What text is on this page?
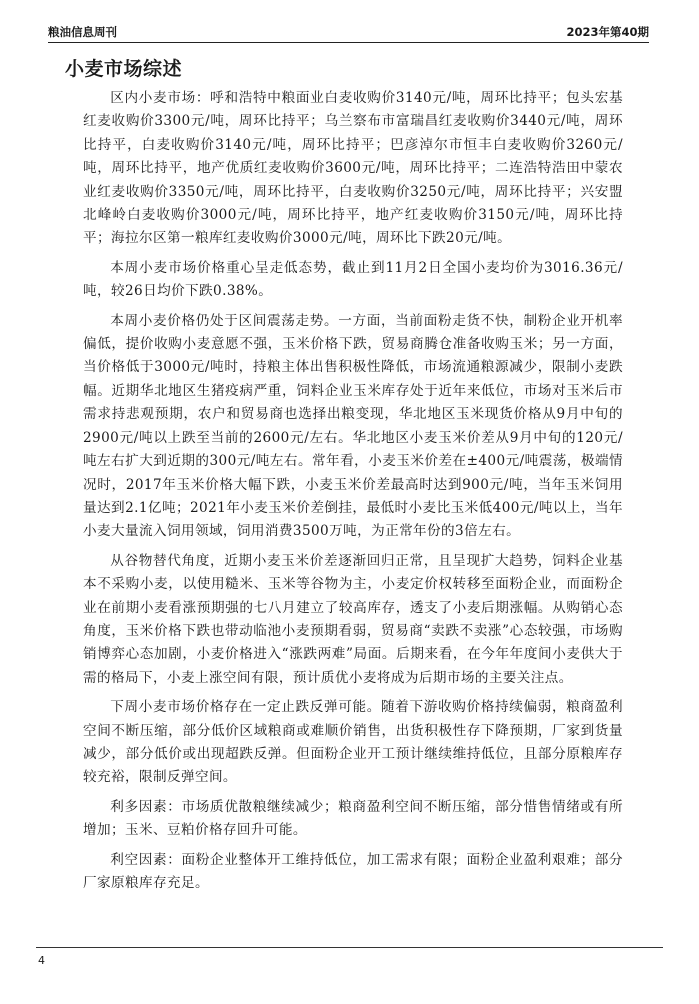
粮油信息周刊	2023年第40期
小麦市场综述

区内小麦市场：呼和浩特中粮面业白麦收购价3140元/吨，周环比持平；包头宏基红麦收购价3300元/吨，周环比持平；乌兰察布市富瑞昌红麦收购价3440元/吨，周环比持平，白麦收购价3140元/吨，周环比持平；巴彦淖尔市恒丰白麦收购价3260元/吨，周环比持平，地产优质红麦收购价3600元/吨，周环比持平；二连浩特浩田中蒙农业红麦收购价3350元/吨，周环比持平，白麦收购价3250元/吨，周环比持平；兴安盟北峰岭白麦收购价3000元/吨，周环比持平，地产红麦收购价3150元/吨，周环比持平；海拉尔区第一粮库红麦收购价3000元/吨，周环比下跌20元/吨。

本周小麦市场价格重心呈走低态势，截止到11月2日全国小麦均价为3016.36元/吨，较26日均价下跌0.38%。

本周小麦价格仍处于区间震荡走势。一方面，当前面粉走货不快，制粉企业开机率偏低，提价收购小麦意愿不强，玉米价格下跌，贸易商腾仓准备收购玉米；另一方面，当价格低于3000元/吨时，持粮主体出售积极性降低，市场流通粮源减少，限制小麦跌幅。近期华北地区生猪疫病严重，饲料企业玉米库存处于近年来低位，市场对玉米后市需求持悲观预期，农户和贸易商也选择出粮变现，华北地区玉米现货价格从9月中旬的2900元/吨以上跌至当前的2600元/左右。华北地区小麦玉米价差从9月中旬的120元/吨左右扩大到近期的300元/吨左右。常年看，小麦玉米价差在±400元/吨震荡，极端情况时，2017年玉米价格大幅下跌，小麦玉米价差最高时达到900元/吨，当年玉米饲用量达到2.1亿吨；2021年小麦玉米价差倒挂，最低时小麦比玉米低400元/吨以上，当年小麦大量流入饲用领域，饲用消费3500万吨，为正常年份的3倍左右。

从谷物替代角度，近期小麦玉米价差逐渐回归正常，且呈现扩大趋势，饲料企业基本不采购小麦，以使用糙米、玉米等谷物为主，小麦定价权转移至面粉企业，而面粉企业在前期小麦看涨预期强的七八月建立了较高库存，透支了小麦后期涨幅。从购销心态角度，玉米价格下跌也带动临池小麦预期看弱，贸易商“卖跌不卖涨”心态较强，市场购销博弈心态加剧，小麦价格进入“涨跌两难”局面。后期来看，在今年年度间小麦供大于需的格局下，小麦上涨空间有限，预计质优小麦将成为后期市场的主要关注点。

下周小麦市场价格存在一定止跌反弹可能。随着下游收购价格持续偏弱，粮商盈利空间不断压缩，部分低价区域粮商或难顺价销售，出货积极性存下降预期，厂家到货量减少，部分低价或出现超跌反弹。但面粉企业开工预计继续维持低位，且部分原粮库存较充裕，限制反弹空间。

利多因素：市场质优散粮继续减少；粮商盈利空间不断压缩，部分惜售情绪或有所增加；玉米、豆粕价格存回升可能。

利空因素：面粉企业整体开工维持低位，加工需求有限；面粉企业盈利艰难；部分厂家原粮库存充足。

4
